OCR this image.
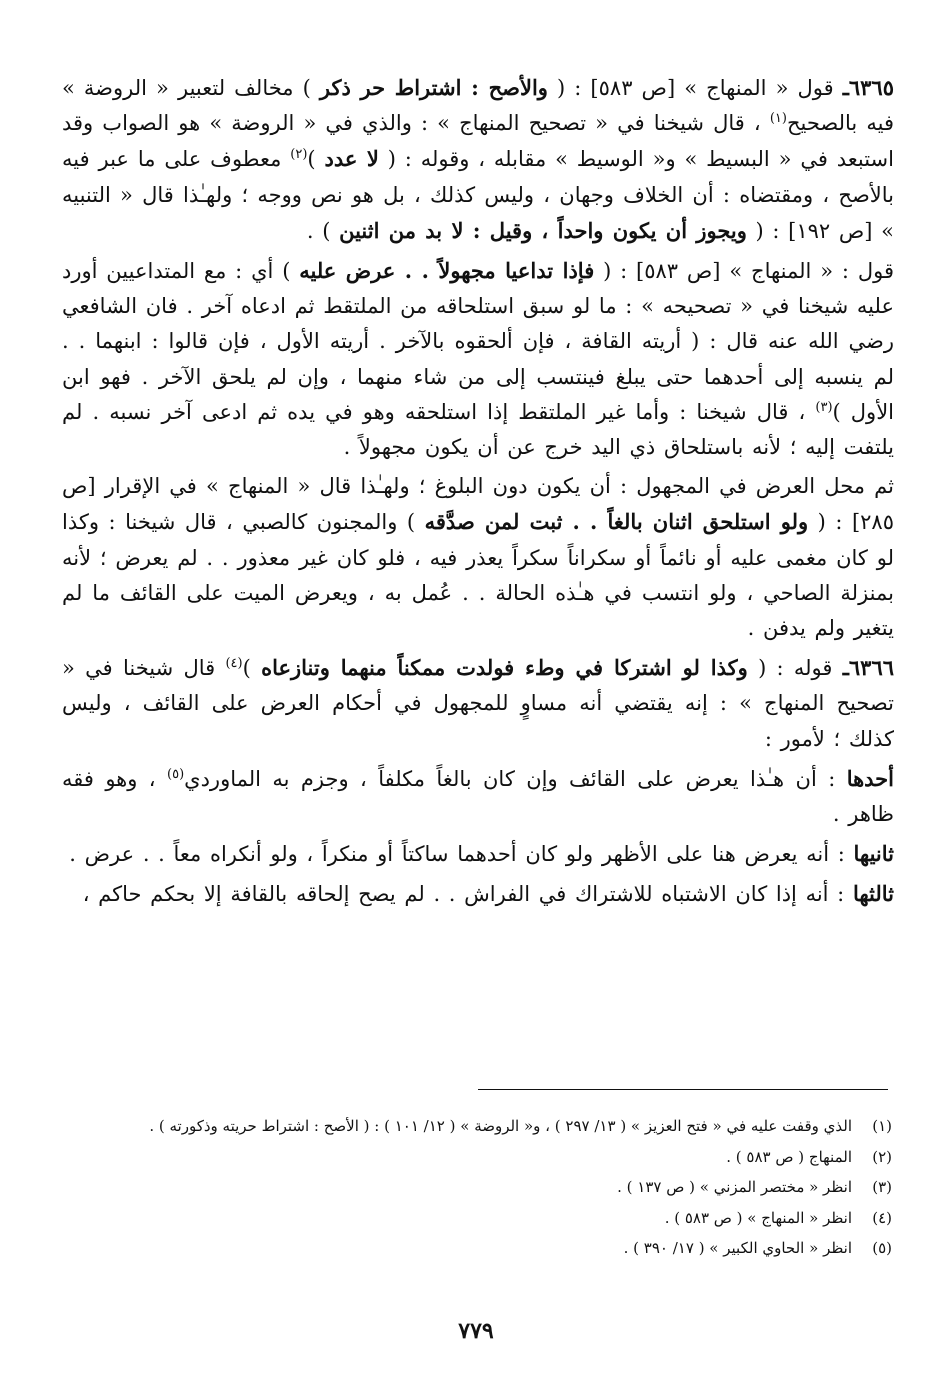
٦٣٦٥ـ قول « المنهاج » [ص ٥٨٣] : ( والأصح : اشتراط حر ذكر ) مخالف لتعبير « الروضة » فيه بالصحيح$^{(١)}$ ، قال شيخنا في « تصحيح المنهاج » : والذي في « الروضة » هو الصواب وقد استبعد في « البسيط » و« الوسيط » مقابله ، وقوله : ( لا عدد )$^{(٢)}$ معطوف على ما عبر فيه بالأصح ، ومقتضاه : أن الخلاف وجهان ، وليس كذلك ، بل هو نص ووجه ؛ ولهـٰذا قال « التنبيه » [ص ١٩٢] : ( ويجوز أن يكون واحداً ، وقيل : لا بد من اثنين ) .

قول : « المنهاج » [ص ٥٨٣] : ( فإذا تداعيا مجهولاً . . عرض عليه ) أي : مع المتداعيين أورد عليه شيخنا في « تصحيحه » : ما لو سبق استلحاقه من الملتقط ثم ادعاه آخر . فان الشافعي رضي الله عنه قال : ( أريته القافة ، فإن ألحقوه بالآخر . أريته الأول ، فإن قالوا : ابنهما . . لم ينسبه إلى أحدهما حتى يبلغ فينتسب إلى من شاء منهما ، وإن لم يلحق الآخر . فهو ابن الأول )$^{(٣)}$ ، قال شيخنا : وأما غير الملتقط إذا استلحقه وهو في يده ثم ادعى آخر نسبه . لم يلتفت إليه ؛ لأنه باستلحاق ذي اليد خرج عن أن يكون مجهولاً .

ثم محل العرض في المجهول : أن يكون دون البلوغ ؛ ولهـٰذا قال « المنهاج » في الإقرار [ص ٢٨٥] : ( ولو استلحق اثنان بالغاً . . ثبت لمن صدَّقه ) والمجنون كالصبي ، قال شيخنا : وكذا لو كان مغمى عليه أو نائماً أو سكراناً سكراً يعذر فيه ، فلو كان غير معذور . . لم يعرض ؛ لأنه بمنزلة الصاحي ، ولو انتسب في هـٰذه الحالة . . عُمل به ، ويعرض الميت على القائف ما لم يتغير ولم يدفن .

٦٣٦٦ـ قوله : ( وكذا لو اشتركا في وطء فولدت ممكناً منهما وتنازعاه )$^{(٤)}$ قال شيخنا في « تصحيح المنهاج » : إنه يقتضي أنه مساوٍ للمجهول في أحكام العرض على القائف ، وليس كذلك ؛ لأمور :

أحدها : أن هـٰذا يعرض على القائف وإن كان بالغاً مكلفاً ، وجزم به الماوردي$^{(٥)}$ ، وهو فقه ظاهر .

ثانيها : أنه يعرض هنا على الأظهر ولو كان أحدهما ساكتاً أو منكراً ، ولو أنكراه معاً . . عرض .

ثالثها : أنه إذا كان الاشتباه للاشتراك في الفراش . . لم يصح إلحاقه بالقافة إلا بحكم حاكم ،

(١)الذي وقفت عليه في « فتح العزيز » ( ١٣/ ٢٩٧ ) ، و« الروضة » ( ١٢/ ١٠١ ) : ( الأصح : اشتراط حريته وذكورته ) .
(٢)المنهاج ( ص ٥٨٣ ) .
(٣)انظر « مختصر المزني » ( ص ١٣٧ ) .
(٤)انظر « المنهاج » ( ص ٥٨٣ ) .
(٥)انظر « الحاوي الكبير » ( ١٧/ ٣٩٠ ) .
٧٧٩
